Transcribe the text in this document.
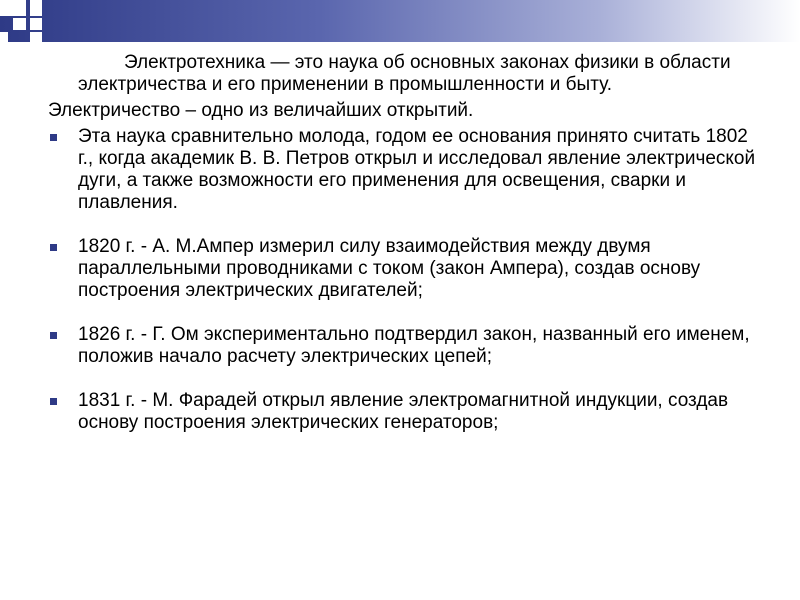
Электротехника — это наука об основных законах физики в области электричества и его применении в промышленности и быту.

Электричество – одно из величайших открытий.

Эта наука сравнительно молода, годом ее основания принято считать 1802 г., когда академик В. В. Петров открыл и исследовал явление электрической дуги, а также возможности его применения для освещения, сварки и плавления.
1820 г. - А. М.Ампер измерил силу взаимодействия между двумя параллельными проводниками с током (закон Ампера), создав основу построения электрических двигателей;
1826 г. - Г. Ом экспериментально подтвердил закон, названный его именем, положив начало расчету электрических цепей;
1831 г. - М. Фарадей открыл явление электромагнитной индукции, создав основу построения электрических генераторов;
